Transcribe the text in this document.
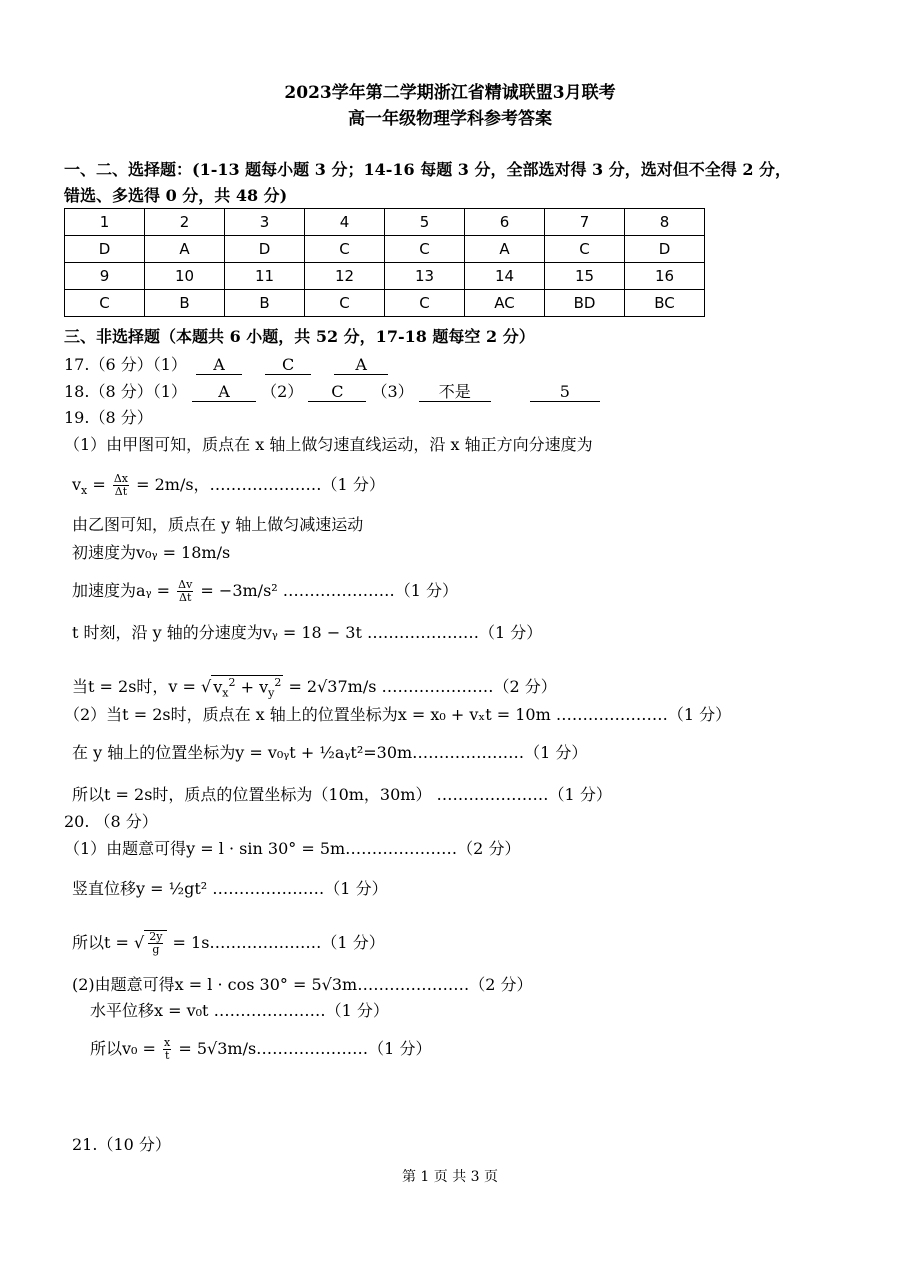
2023学年第二学期浙江省精诚联盟3月联考
高一年级物理学科参考答案
一、二、选择题：(1-13 题每小题 3 分；14-16 每题 3 分，全部选对得 3 分，选对但不全得 2 分，
错选、多选得 0 分，共 48 分)
1	2	3	4	5	6	7	8
D	A	D	C	C	A	C	D
9	10	11	12	13	14	15	16
C	B	B	C	C	AC	BD	BC
三、非选择题（本题共 6 小题，共 52 分，17-18 题每空 2 分）
17.（6 分）（1） A	C	A
18.（8 分）（1） A （2） C （3） 不是	5
19.（8 分）
（1）由甲图可知，质点在 x 轴上做匀速直线运动，沿 x 轴正方向分速度为
$v_x = \frac{\Delta x}{\Delta t} = 2m/s$，…………………（1 分）
由乙图可知，质点在 y 轴上做匀减速运动
初速度为v₀ᵧ = 18m/s
加速度为aᵧ = $\frac{\Delta v}{\Delta t} = -3m/s^2$ …………………（1 分）
t 时刻，沿 y 轴的分速度为vᵧ = 18 − 3t …………………（1 分）
当t = 2s时，v = √ $v_x^2 + v_y^2 = 2√37m/s$ …………………（2 分）
（2）当t = 2s时，质点在 x 轴上的位置坐标为x = x₀ + vₓt = 10m …………………（1 分）
在 y 轴上的位置坐标为y = v₀ᵧt + ½aᵧt²=30m…………………（1 分）
所以t = 2s时，质点的位置坐标为（10m，30m） …………………（1 分）
20. （8 分）
（1）由题意可得y = l · sin 30° = 5m…………………（2 分）
竖直位移y = ½gt² …………………（1 分）
所以t = √ $\frac{2y}{g}$ = 1s…………………（1 分）
(2)由题意可得x = l · cos 30° = 5√3m…………………（2 分）
水平位移x = v₀t …………………（1 分）
所以$v_0 = \frac{x}{t}$ = 5√3m/s…………………（1 分）
21.（10 分）
第 1 页 共 3 页
